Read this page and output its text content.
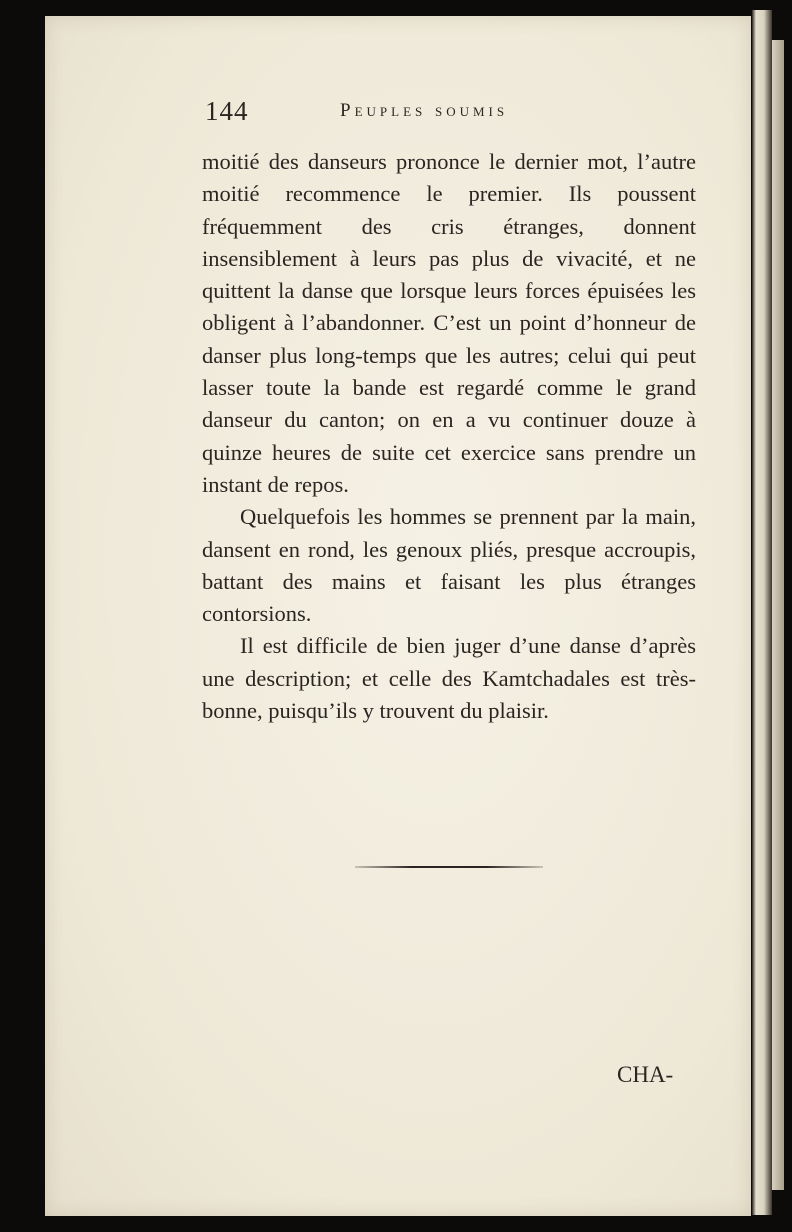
144	Peuples soumis

moitié des danseurs prononce le dernier mot, l’autre moitié recommence le premier. Ils poussent fréquemment des cris étranges, donnent insensiblement à leurs pas plus de vivacité, et ne quittent la danse que lorsque leurs forces épuisées les obligent à l’abandonner. C’est un point d’honneur de danser plus long-temps que les autres; celui qui peut lasser toute la bande est regardé comme le grand danseur du canton; on en a vu continuer douze à quinze heures de suite cet exercice sans prendre un instant de repos.

Quelquefois les hommes se prennent par la main, dansent en rond, les genoux pliés, presque accroupis, battant des mains et faisant les plus étranges contorsions.

Il est difficile de bien juger d’une danse d’après une description; et celle des Kamtchadales est très-bonne, puisqu’ils y trouvent du plaisir.

CHA-
